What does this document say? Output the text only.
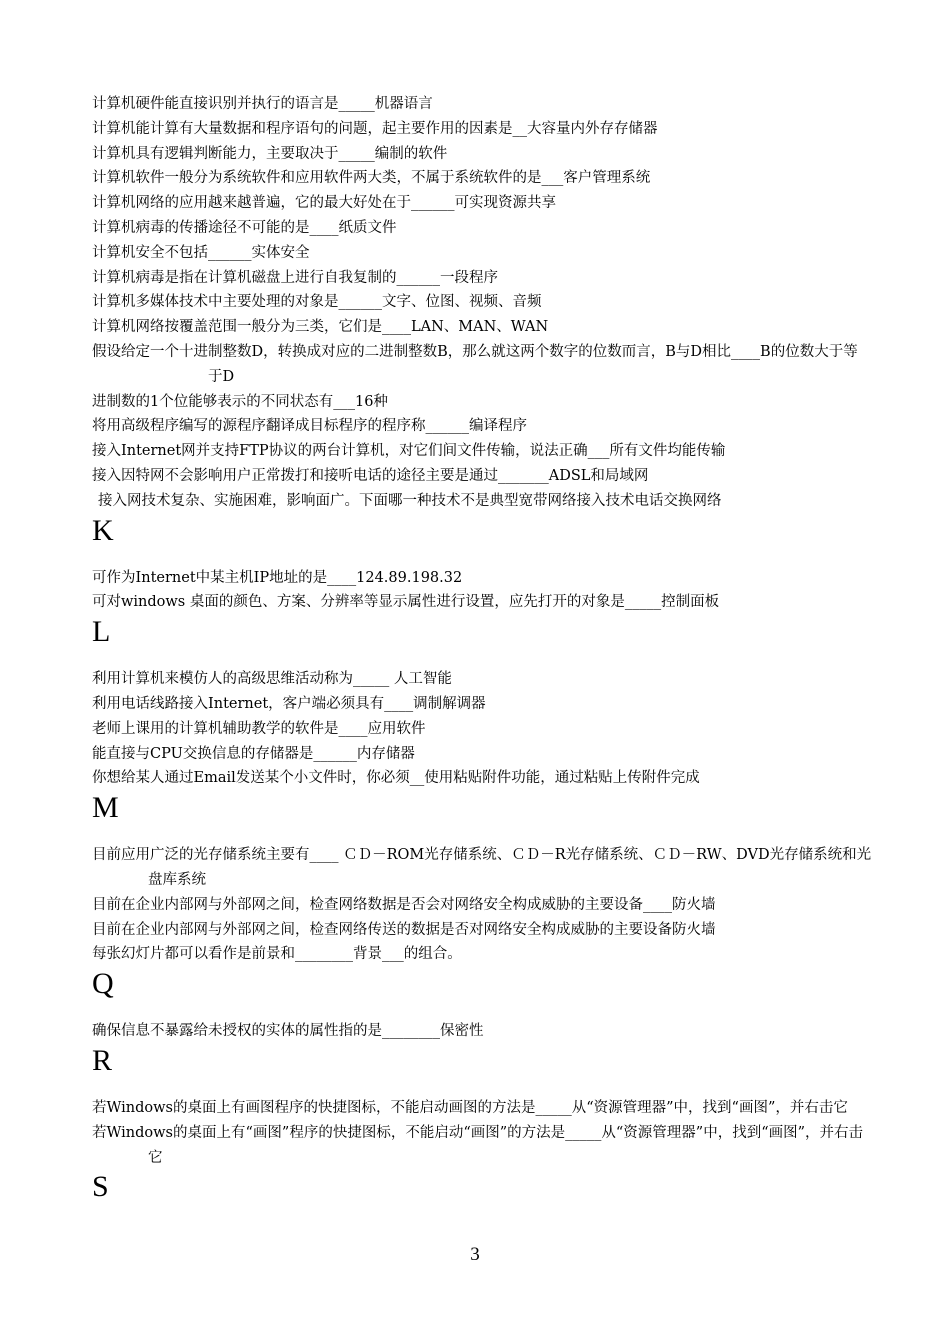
计算机硬件能直接识别并执行的语言是_____机器语言
计算机能计算有大量数据和程序语句的问题，起主要作用的因素是__大容量内外存存储器
计算机具有逻辑判断能力，主要取决于_____编制的软件
计算机软件一般分为系统软件和应用软件两大类，不属于系统软件的是___客户管理系统
计算机网络的应用越来越普遍，它的最大好处在于______可实现资源共享
计算机病毒的传播途径不可能的是____纸质文件
计算机安全不包括______实体安全
计算机病毒是指在计算机磁盘上进行自我复制的______一段程序
计算机多媒体技术中主要处理的对象是______文字、位图、视频、音频
计算机网络按覆盖范围一般分为三类，它们是____LAN、MAN、WAN
假设给定一个十进制整数D，转换成对应的二进制整数B，那么就这两个数字的位数而言，B与D相比____B的位数大于等于D
进制数的1个位能够表示的不同状态有___16种
将用高级程序编写的源程序翻译成目标程序的程序称______编译程序
接入Internet网并支持FTP协议的两台计算机，对它们间文件传输，说法正确___所有文件均能传输
接入因特网不会影响用户正常拨打和接听电话的途径主要是通过_______ADSL和局域网
接入网技术复杂、实施困难，影响面广。下面哪一种技术不是典型宽带网络接入技术电话交换网络
K
可作为Internet中某主机IP地址的是____124.89.198.32
可对windows 桌面的颜色、方案、分辨率等显示属性进行设置，应先打开的对象是_____控制面板
L
利用计算机来模仿人的高级思维活动称为_____ 人工智能
利用电话线路接入Internet，客户端必须具有____调制解调器
老师上课用的计算机辅助教学的软件是____应用软件
能直接与CPU交换信息的存储器是______内存储器
你想给某人通过Email发送某个小文件时，你必须__使用粘贴附件功能，通过粘贴上传附件完成
M
目前应用广泛的光存储系统主要有____ ＣＤ－ROM光存储系统、ＣＤ－R光存储系统、ＣＤ－RW、DVD光存储系统和光盘库系统
目前在企业内部网与外部网之间，检查网络数据是否会对网络安全构成威胁的主要设备____防火墙
目前在企业内部网与外部网之间，检查网络传送的数据是否对网络安全构成威胁的主要设备防火墙
每张幻灯片都可以看作是前景和________背景___的组合。
Q
确保信息不暴露给未授权的实体的属性指的是________保密性
R
若Windows的桌面上有画图程序的快捷图标，不能启动画图的方法是_____从“资源管理器”中，找到“画图”，并右击它
若Windows的桌面上有“画图”程序的快捷图标，不能启动“画图”的方法是_____从“资源管理器”中，找到“画图”，并右击它
S
3
